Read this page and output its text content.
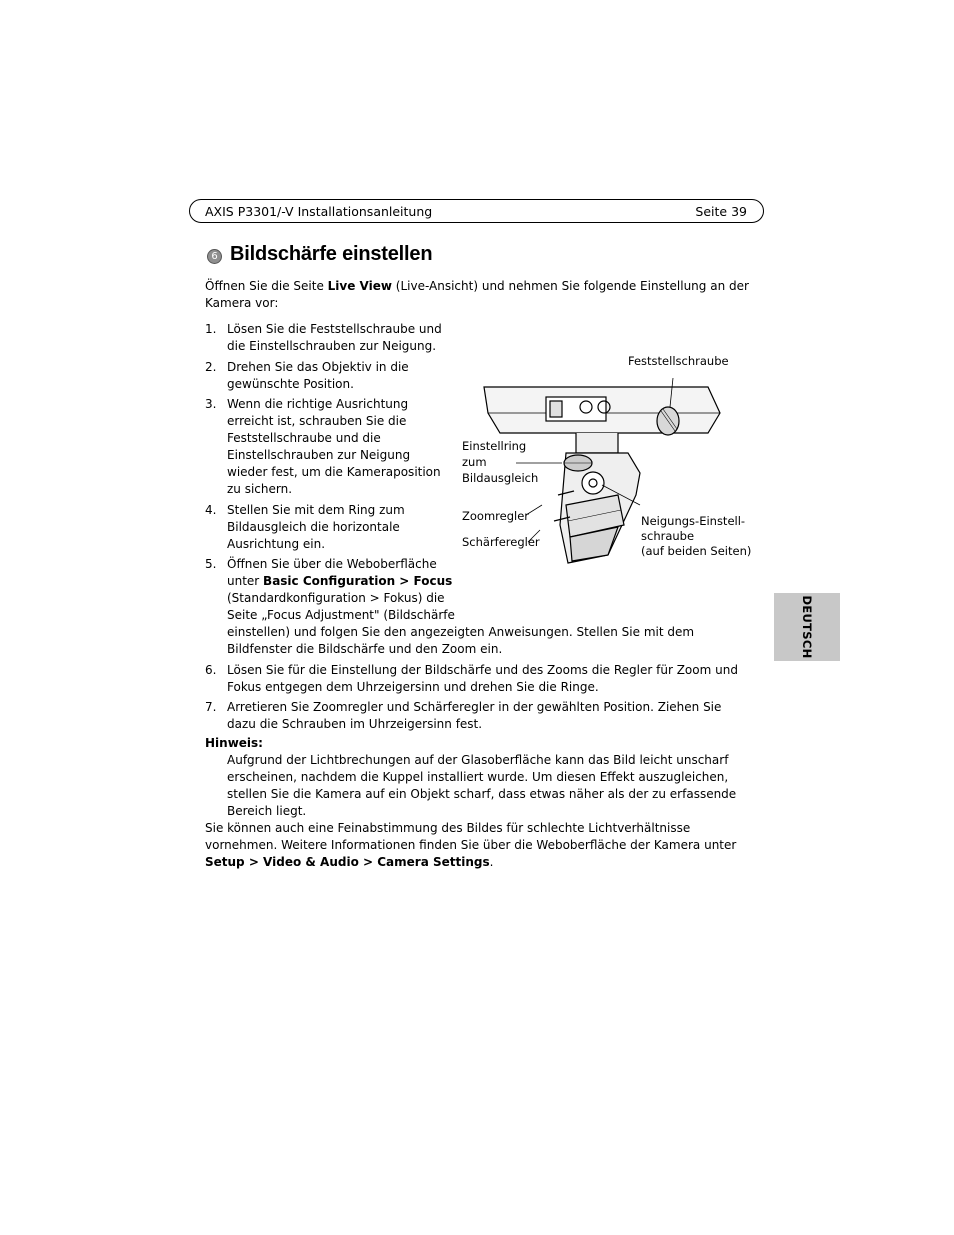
AXIS P3301/-V Installationsanleitung	Seite 39
6 Bildschärfe einstellen
Öffnen Sie die Seite Live View (Live-Ansicht) und nehmen Sie folgende Einstellung an der Kamera vor:
1. Lösen Sie die Feststellschraube und die Einstellschrauben zur Neigung.
2. Drehen Sie das Objektiv in die gewünschte Position.
3. Wenn die richtige Ausrichtung erreicht ist, schrauben Sie die Feststellschraube und die Einstellschrauben zur Neigung wieder fest, um die Kameraposition zu sichern.
4. Stellen Sie mit dem Ring zum Bildausgleich die horizontale Ausrichtung ein.
5. Öffnen Sie über die Weboberfläche
unter Basic Configuration > Focus
(Standardkonfiguration > Fokus) die
Seite „Focus Adjustment" (Bildschärfe
einstellen) und folgen Sie den angezeigten Anweisungen. Stellen Sie mit dem Bildfenster die Bildschärfe und den Zoom ein.
6. Lösen Sie für die Einstellung der Bildschärfe und des Zooms die Regler für Zoom und Fokus entgegen dem Uhrzeigersinn und drehen Sie die Ringe.
7. Arretieren Sie Zoomregler und Schärferegler in der gewählten Position. Ziehen Sie dazu die Schrauben im Uhrzeigersinn fest.
Hinweis:
Aufgrund der Lichtbrechungen auf der Glasoberfläche kann das Bild leicht unscharf erscheinen, nachdem die Kuppel installiert wurde. Um diesen Effekt auszugleichen, stellen Sie die Kamera auf ein Objekt scharf, dass etwas näher als der zu erfassende Bereich liegt.
Sie können auch eine Feinabstimmung des Bildes für schlechte Lichtverhältnisse vornehmen. Weitere Informationen finden Sie über die Weboberfläche der Kamera unter Setup > Video & Audio > Camera Settings.
Feststellschraube
Einstellring
zum
Bildausgleich
Zoomregler
Schärferegler
Neigungs-Einstell-
schraube
(auf beiden Seiten)
DEUTSCH
